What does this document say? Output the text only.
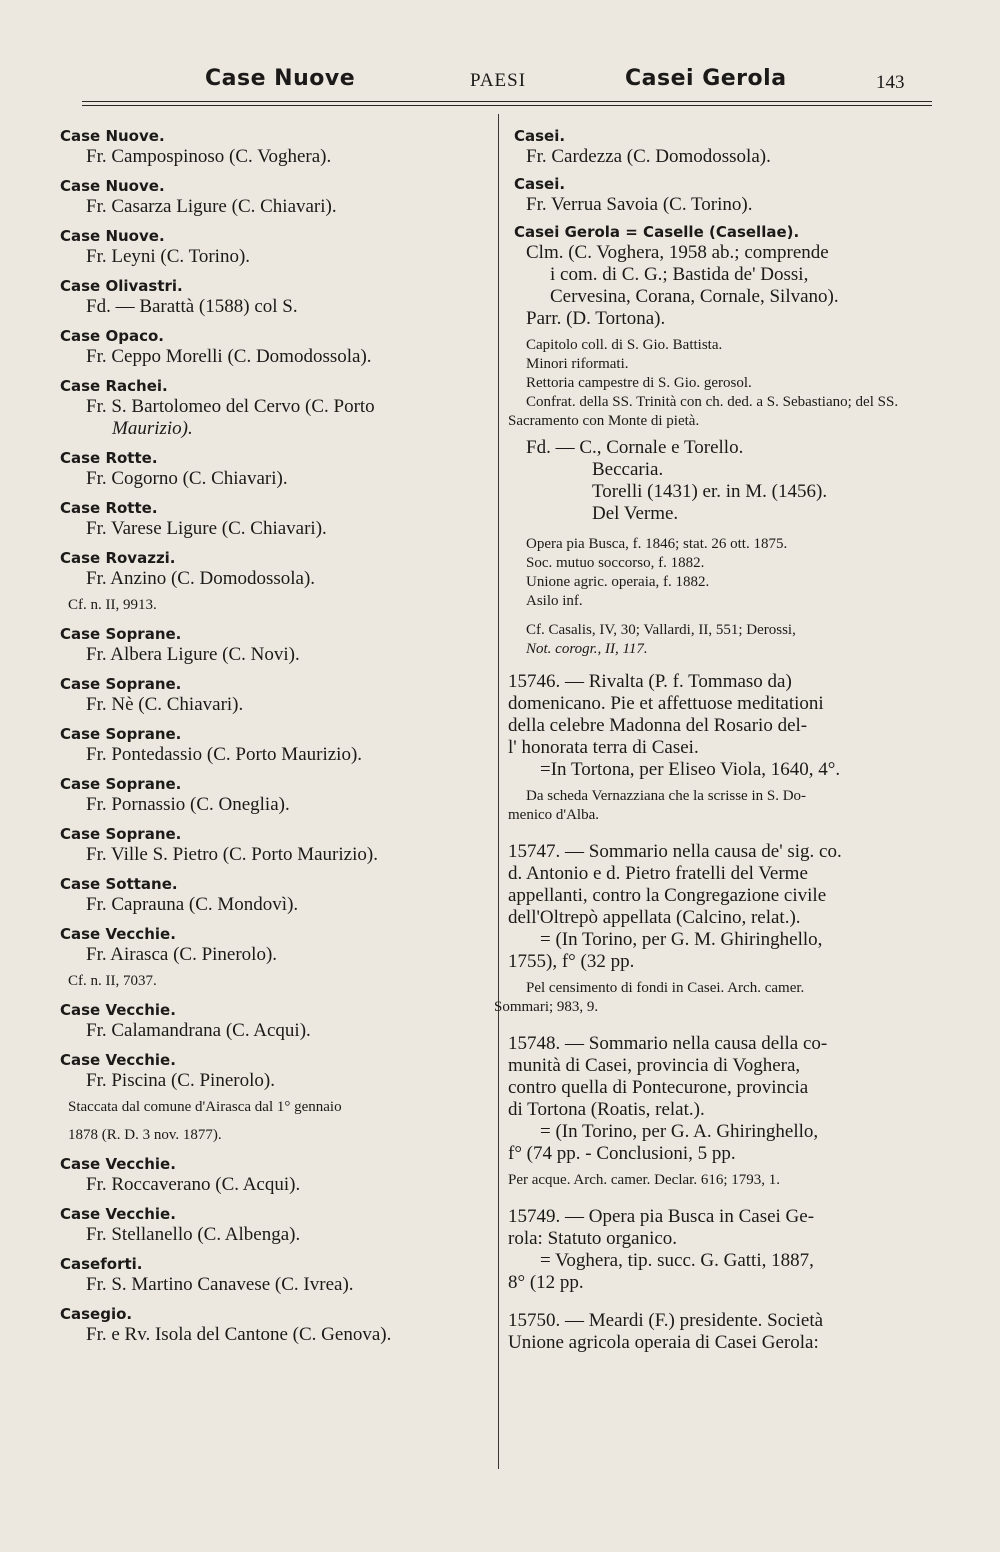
Case Nuove	PAESI	Casei Gerola	143
Case Nuove.
Fr. Campospinoso (C. Voghera).
Case Nuove.
Fr. Casarza Ligure (C. Chiavari).
Case Nuove.
Fr. Leyni (C. Torino).
Case Olivastri.
Fd. — Barattà (1588) col S.
Case Opaco.
Fr. Ceppo Morelli (C. Domodossola).
Case Rachei.
Fr. S. Bartolomeo del Cervo (C. Porto
Maurizio).
Case Rotte.
Fr. Cogorno (C. Chiavari).
Case Rotte.
Fr. Varese Ligure (C. Chiavari).
Case Rovazzi.
Fr. Anzino (C. Domodossola).
Cf. n. II, 9913.
Case Soprane.
Fr. Albera Ligure (C. Novi).
Case Soprane.
Fr. Nè (C. Chiavari).
Case Soprane.
Fr. Pontedassio (C. Porto Maurizio).
Case Soprane.
Fr. Pornassio (C. Oneglia).
Case Soprane.
Fr. Ville S. Pietro (C. Porto Maurizio).
Case Sottane.
Fr. Caprauna (C. Mondovì).
Case Vecchie.
Fr. Airasca (C. Pinerolo).
Cf. n. II, 7037.
Case Vecchie.
Fr. Calamandrana (C. Acqui).
Case Vecchie.
Fr. Piscina (C. Pinerolo).
Staccata dal comune d'Airasca dal 1° gennaio
1878 (R. D. 3 nov. 1877).
Case Vecchie.
Fr. Roccaverano (C. Acqui).
Case Vecchie.
Fr. Stellanello (C. Albenga).
Caseforti.
Fr. S. Martino Canavese (C. Ivrea).
Casegio.
Fr. e Rv. Isola del Cantone (C. Genova).
Casei.
Fr. Cardezza (C. Domodossola).
Casei.
Fr. Verrua Savoia (C. Torino).
Casei Gerola = Caselle (Casellae).
Clm. (C. Voghera, 1958 ab.; comprende
i com. di C. G.; Bastida de' Dossi,
Cervesina, Corana, Cornale, Silvano).
Parr. (D. Tortona).
Capitolo coll. di S. Gio. Battista.
Minori riformati.
Rettoria campestre di S. Gio. gerosol.
Confrat. della SS. Trinità con ch. ded. a S. Sebastiano; del SS. Sacramento con Monte di pietà.
Fd. — C., Cornale e Torello.
Beccaria.
Torelli (1431) er. in M. (1456).
Del Verme.
Opera pia Busca, f. 1846; stat. 26 ott. 1875.
Soc. mutuo soccorso, f. 1882.
Unione agric. operaia, f. 1882.
Asilo inf.
Cf. Casalis, IV, 30; Vallardi, II, 551; Derossi,
Not. corogr., II, 117.
15746. — Rivalta (P. f. Tommaso da)
domenicano. Pie et affettuose meditationi
della celebre Madonna del Rosario del-
l' honorata terra di Casei.
=In Tortona, per Eliseo Viola, 1640, 4°.
Da scheda Vernazziana che la scrisse in S. Do-
menico d'Alba.
15747. — Sommario nella causa de' sig. co.
d. Antonio e d. Pietro fratelli del Verme
appellanti, contro la Congregazione civile
dell'Oltrepò appellata (Calcino, relat.).
= (In Torino, per G. M. Ghiringhello,
1755), f° (32 pp.
Pel censimento di fondi in Casei. Arch. camer.
Sommari; 983, 9.
15748. — Sommario nella causa della co-
munità di Casei, provincia di Voghera,
contro quella di Pontecurone, provincia
di Tortona (Roatis, relat.).
= (In Torino, per G. A. Ghiringhello,
f° (74 pp. - Conclusioni, 5 pp.
Per acque. Arch. camer. Declar. 616; 1793, 1.
15749. — Opera pia Busca in Casei Ge-
rola: Statuto organico.
= Voghera, tip. succ. G. Gatti, 1887,
8° (12 pp.
15750. — Meardi (F.) presidente. Società
Unione agricola operaia di Casei Gerola:
